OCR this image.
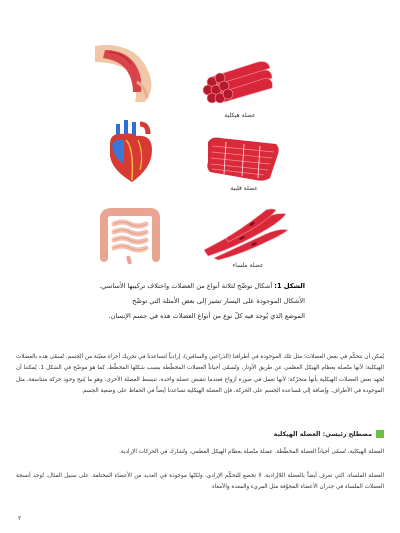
عضلة هيكلية
عضلة قلبية
عضلة ملساء
الشكل 1: أشكال توضّح لثلاثة أنواع من العضلات واختلاف تركيبها الأساسي.
الأشكال الموجودة على اليسار تشير إلى بعض الأمثلة التي توضّح
الموضع الذي يُوجد فيه كلّ نوع من أنواع العضلات هذه في جسم الإنسان.
يُمكن أن نتحكّم في بعض العضلات؛ مثل تلك الموجودة في أطرافنا (الذراعين والساقين)، إرادياً لتساعدنا في تحريك أجزاء معيّنة من الجسم. تُسمّى هذه بالعضلات الهيكلية؛ لأنها متّصلة بعظام الهيكل العظمي عن طريق الأوتار، وتُسمّى أحياناً العضلات المخطّطة بسبب شكلها المخطّط، كما هو موضّح في الشكل 1. يُمكننا أن نُجهد بعض العضلات الهيكلية بأنها متحرّكة؛ لأنها تعمل في صورة أزواج فعندما تنقبض عضلة واحدة، تنبسط العضلة الأخرى، وهو ما يُتيح وجود حركة متناسقة، مثل الموجودة في الأطراف. وإضافة إلى مُساعدة الجسم على الحركة، فإن العضلة الهيكلية تساعدنا أيضاً في الحفاظ على وضعية الجسم.
مصطلح رئيسي: العضلة الهيكلية
العضلة الهيكلية، تُسمّى أحياناً العضلة المخطّطة. عضلة متّصلة بعظام الهيكل العظمي، وتُشارك في الحركات الإرادية.
العضلة الملساء، التي تعرف أيضاً بالعضلة اللاإرادية، لا تخضع للتحكّم الإرادي، ولكنّها موجودة في العديد من الأعضاء المختلفة. على سبيل المثال، تُوجد أنسجة العضلات الملساء في جدران الأعضاء المجوّفة مثل المريء والمعدة والأمعاء
٢
